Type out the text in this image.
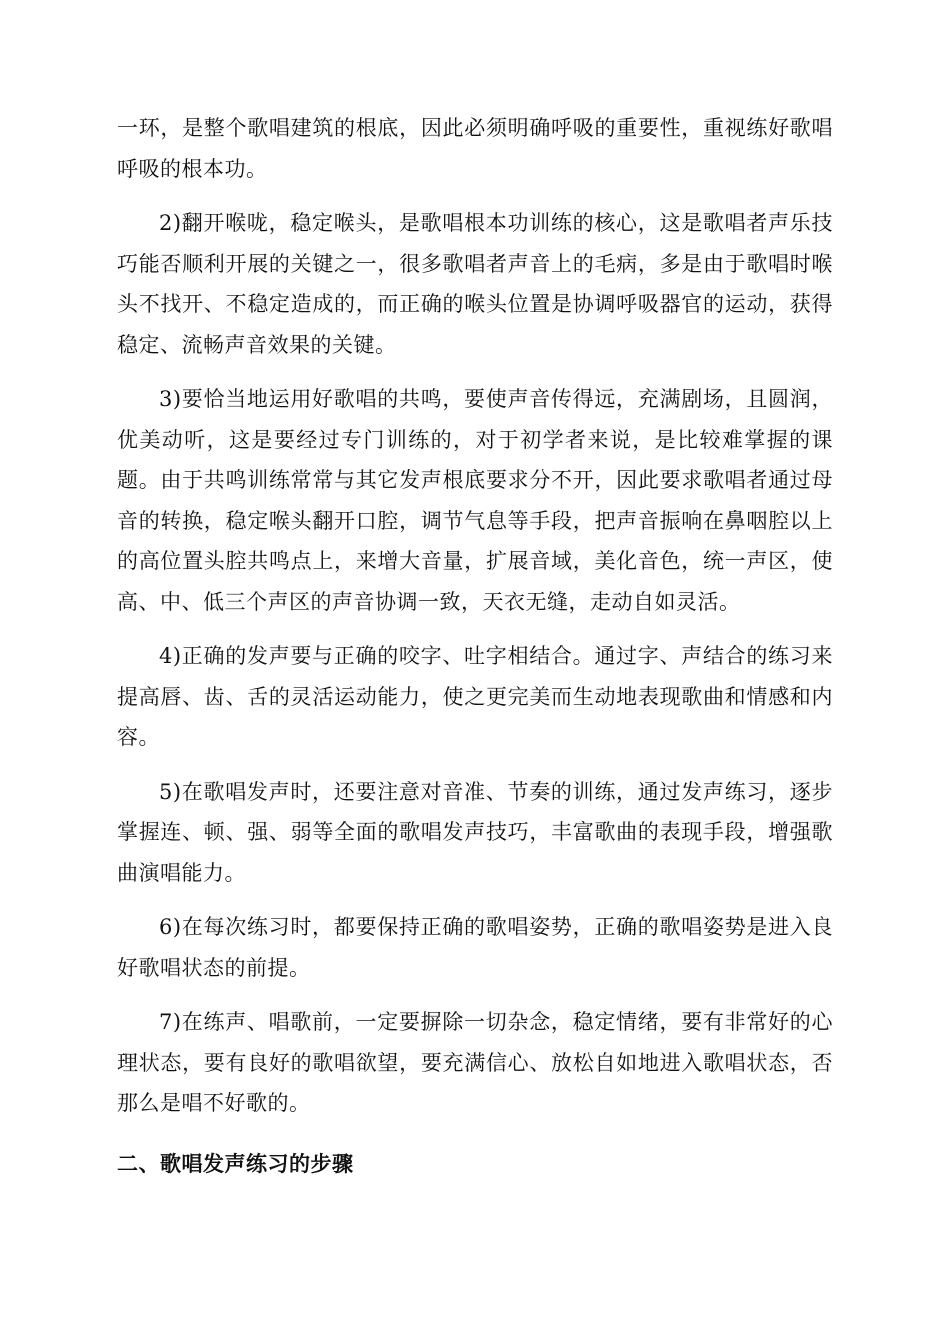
一环，是整个歌唱建筑的根底，因此必须明确呼吸的重要性，重视练好歌唱呼吸的根本功。

2)翻开喉咙，稳定喉头，是歌唱根本功训练的核心，这是歌唱者声乐技巧能否顺利开展的关键之一，很多歌唱者声音上的毛病，多是由于歌唱时喉头不找开、不稳定造成的，而正确的喉头位置是协调呼吸器官的运动，获得稳定、流畅声音效果的关键。

3)要恰当地运用好歌唱的共鸣，要使声音传得远，充满剧场，且圆润，优美动听，这是要经过专门训练的，对于初学者来说，是比较难掌握的课题。由于共鸣训练常常与其它发声根底要求分不开，因此要求歌唱者通过母音的转换，稳定喉头翻开口腔，调节气息等手段，把声音振响在鼻咽腔以上的高位置头腔共鸣点上，来增大音量，扩展音域，美化音色，统一声区，使高、中、低三个声区的声音协调一致，天衣无缝，走动自如灵活。

4)正确的发声要与正确的咬字、吐字相结合。通过字、声结合的练习来提高唇、齿、舌的灵活运动能力，使之更完美而生动地表现歌曲和情感和内容。

5)在歌唱发声时，还要注意对音准、节奏的训练，通过发声练习，逐步掌握连、顿、强、弱等全面的歌唱发声技巧，丰富歌曲的表现手段，增强歌曲演唱能力。

6)在每次练习时，都要保持正确的歌唱姿势，正确的歌唱姿势是进入良好歌唱状态的前提。

7)在练声、唱歌前，一定要摒除一切杂念，稳定情绪，要有非常好的心理状态，要有良好的歌唱欲望，要充满信心、放松自如地进入歌唱状态，否那么是唱不好歌的。

二、歌唱发声练习的步骤
